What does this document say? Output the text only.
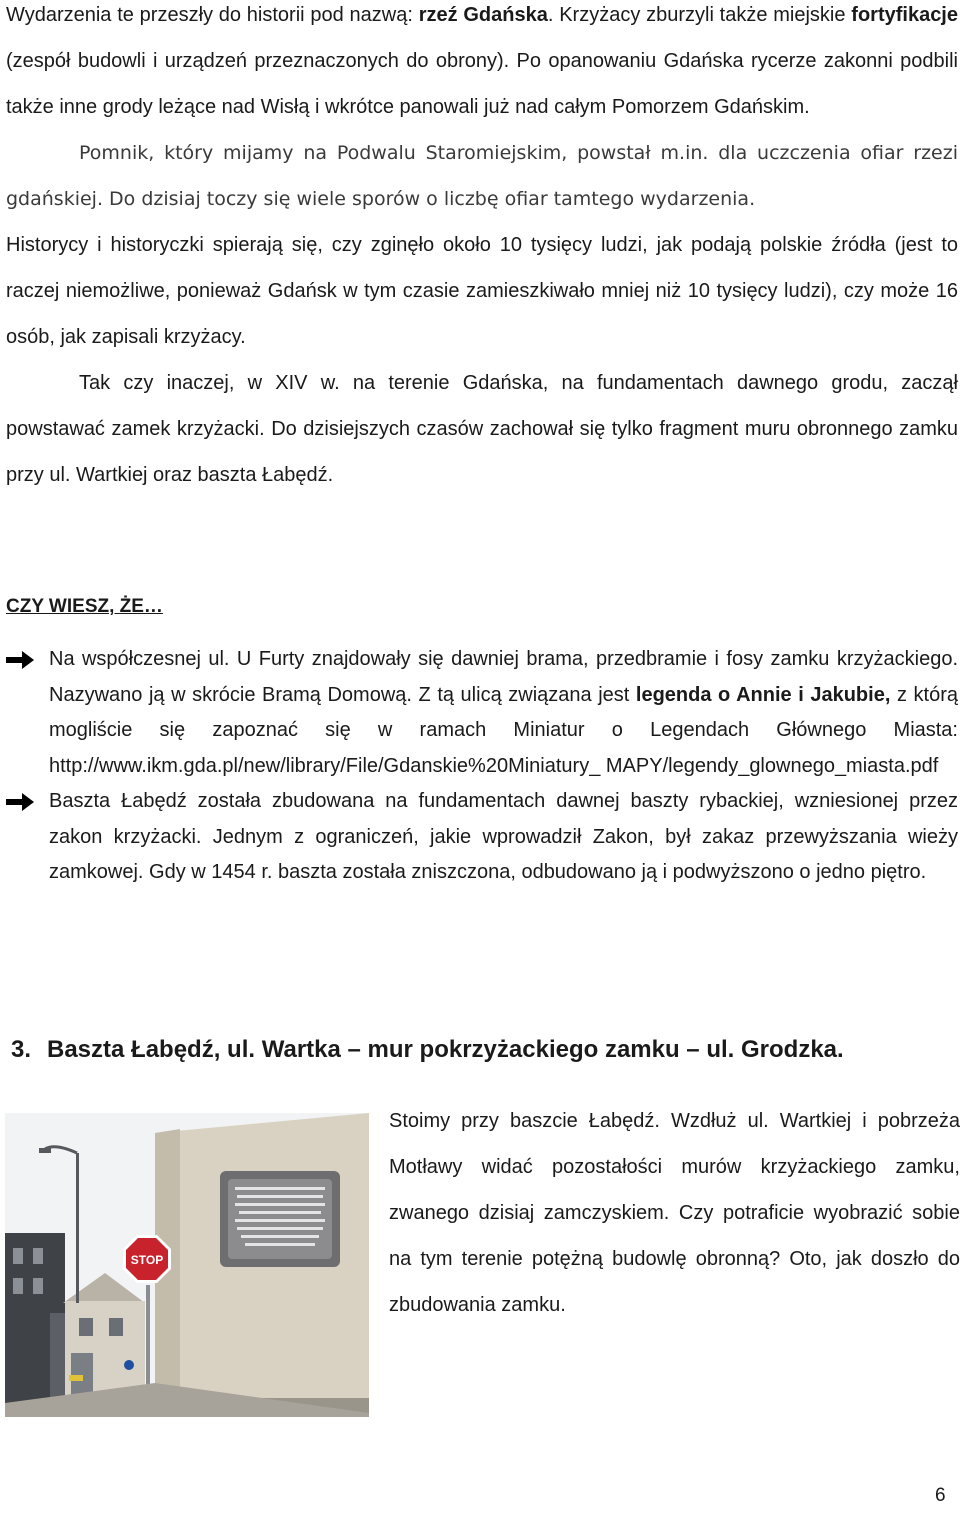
Wydarzenia te przeszły do historii pod nazwą: rzeź Gdańska. Krzyżacy zburzyli także miejskie fortyfikacje (zespół budowli i urządzeń przeznaczonych do obrony). Po opanowaniu Gdańska rycerze zakonni podbili także inne grody leżące nad Wisłą i wkrótce panowali już nad całym Pomorzem Gdańskim.

Pomnik, który mijamy na Podwalu Staromiejskim, powstał m.in. dla uczczenia ofiar rzezi gdańskiej. Do dzisiaj toczy się wiele sporów o liczbę ofiar tamtego wydarzenia.

Historycy i historyczki spierają się, czy zginęło około 10 tysięcy ludzi, jak podają polskie źródła (jest to raczej niemożliwe, ponieważ Gdańsk w tym czasie zamieszkiwało mniej niż 10 tysięcy ludzi), czy może 16 osób, jak zapisali krzyżacy.

Tak czy inaczej, w XIV w. na terenie Gdańska, na fundamentach dawnego grodu, zaczął powstawać zamek krzyżacki. Do dzisiejszych czasów zachował się tylko fragment muru obronnego zamku przy ul. Wartkiej oraz baszta Łabędź.

CZY WIESZ, ŻE…
Na współczesnej ul. U Furty znajdowały się dawniej brama, przedbramie i fosy zamku krzyżackiego. Nazywano ją w skrócie Bramą Domową. Z tą ulicą związana jest legenda o Annie i Jakubie, z którą mogliście się zapoznać się w ramach Miniatur o Legendach Głównego Miasta: http://www.ikm.gda.pl/new/library/File/Gdanskie%20Miniatury_ MAPY/legendy_glownego_miasta.pdf
Baszta Łabędź została zbudowana na fundamentach dawnej baszty rybackiej, wzniesionej przez zakon krzyżacki. Jednym z ograniczeń, jakie wprowadził Zakon, był zakaz przewyższania wieży zamkowej. Gdy w 1454 r. baszta została zniszczona, odbudowano ją i podwyższono o jedno piętro.
3. Baszta Łabędź, ul. Wartka – mur pokrzyżackiego zamku – ul. Grodzka.
STOP

Stoimy przy baszcie Łabędź. Wzdłuż ul. Wartkiej i pobrzeża Motławy widać pozostałości murów krzyżackiego zamku, zwanego dzisiaj zamczyskiem. Czy potraficie wyobrazić sobie na tym terenie potężną budowlę obronną? Oto, jak doszło do zbudowania zamku.

6
